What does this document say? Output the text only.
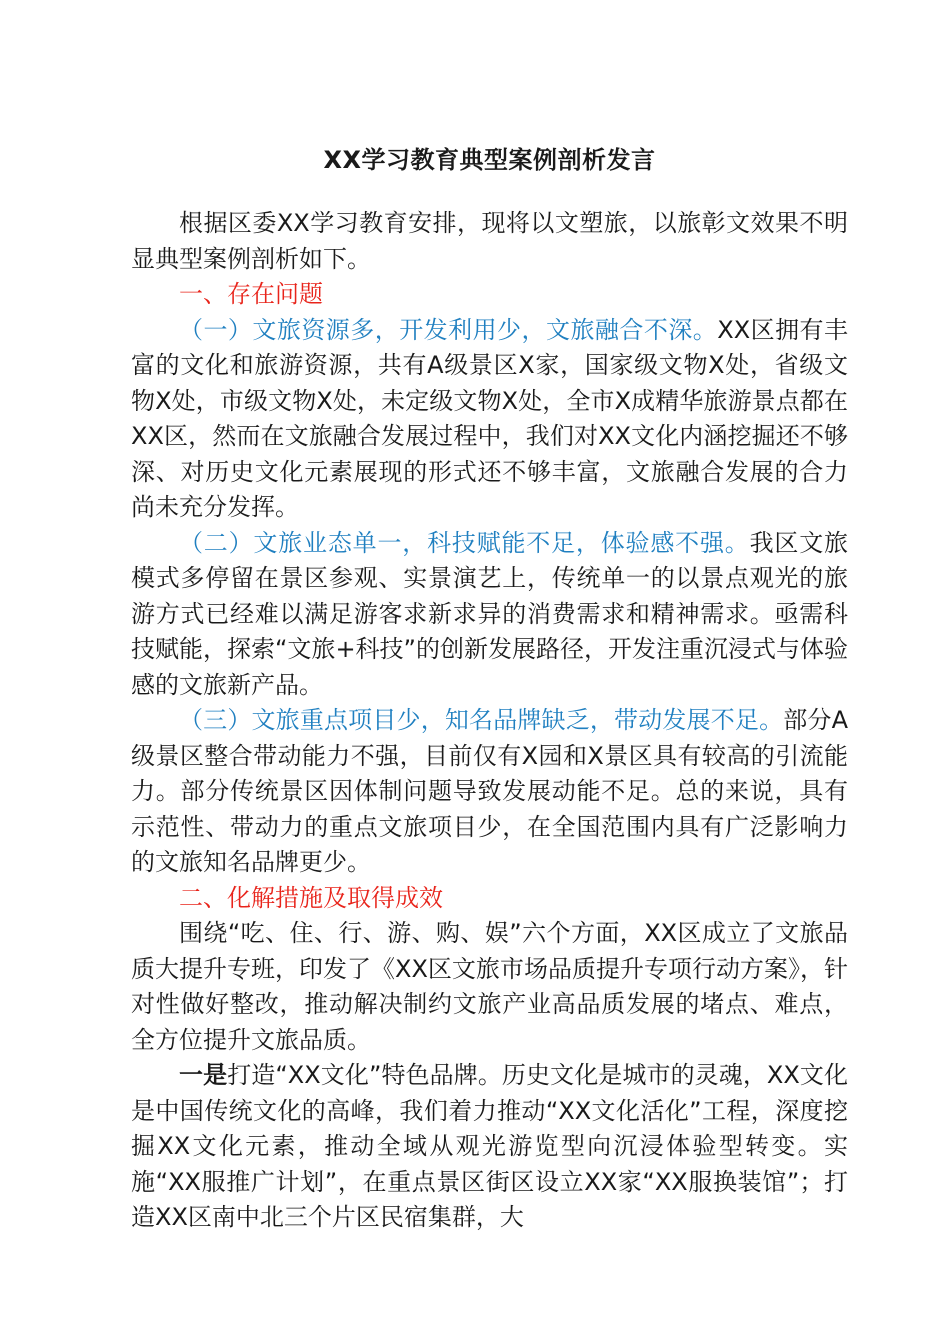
XX学习教育典型案例剖析发言

根据区委XX学习教育安排，现将以文塑旅，以旅彰文效果不明显典型案例剖析如下。

一、存在问题

（一）文旅资源多，开发利用少，文旅融合不深。XX区拥有丰富的文化和旅游资源，共有A级景区X家，国家级文物X处，省级文物X处，市级文物X处，未定级文物X处，全市X成精华旅游景点都在XX区，然而在文旅融合发展过程中，我们对XX文化内涵挖掘还不够深、对历史文化元素展现的形式还不够丰富，文旅融合发展的合力尚未充分发挥。

（二）文旅业态单一，科技赋能不足，体验感不强。我区文旅模式多停留在景区参观、实景演艺上，传统单一的以景点观光的旅游方式已经难以满足游客求新求异的消费需求和精神需求。亟需科技赋能，探索“文旅+科技”的创新发展路径，开发注重沉浸式与体验感的文旅新产品。

（三）文旅重点项目少，知名品牌缺乏，带动发展不足。部分A级景区整合带动能力不强，目前仅有X园和X景区具有较高的引流能力。部分传统景区因体制问题导致发展动能不足。总的来说，具有示范性、带动力的重点文旅项目少，在全国范围内具有广泛影响力的文旅知名品牌更少。

二、化解措施及取得成效

围绕“吃、住、行、游、购、娱”六个方面，XX区成立了文旅品质大提升专班，印发了《XX区文旅市场品质提升专项行动方案》，针对性做好整改，推动解决制约文旅产业高品质发展的堵点、难点，全方位提升文旅品质。

一是打造“XX文化”特色品牌。历史文化是城市的灵魂，XX文化是中国传统文化的高峰，我们着力推动“XX文化活化”工程，深度挖掘XX文化元素，推动全域从观光游览型向沉浸体验型转变。实施“XX服推广计划”，在重点景区街区设立XX家“XX服换装馆”；打造XX区南中北三个片区民宿集群，大
